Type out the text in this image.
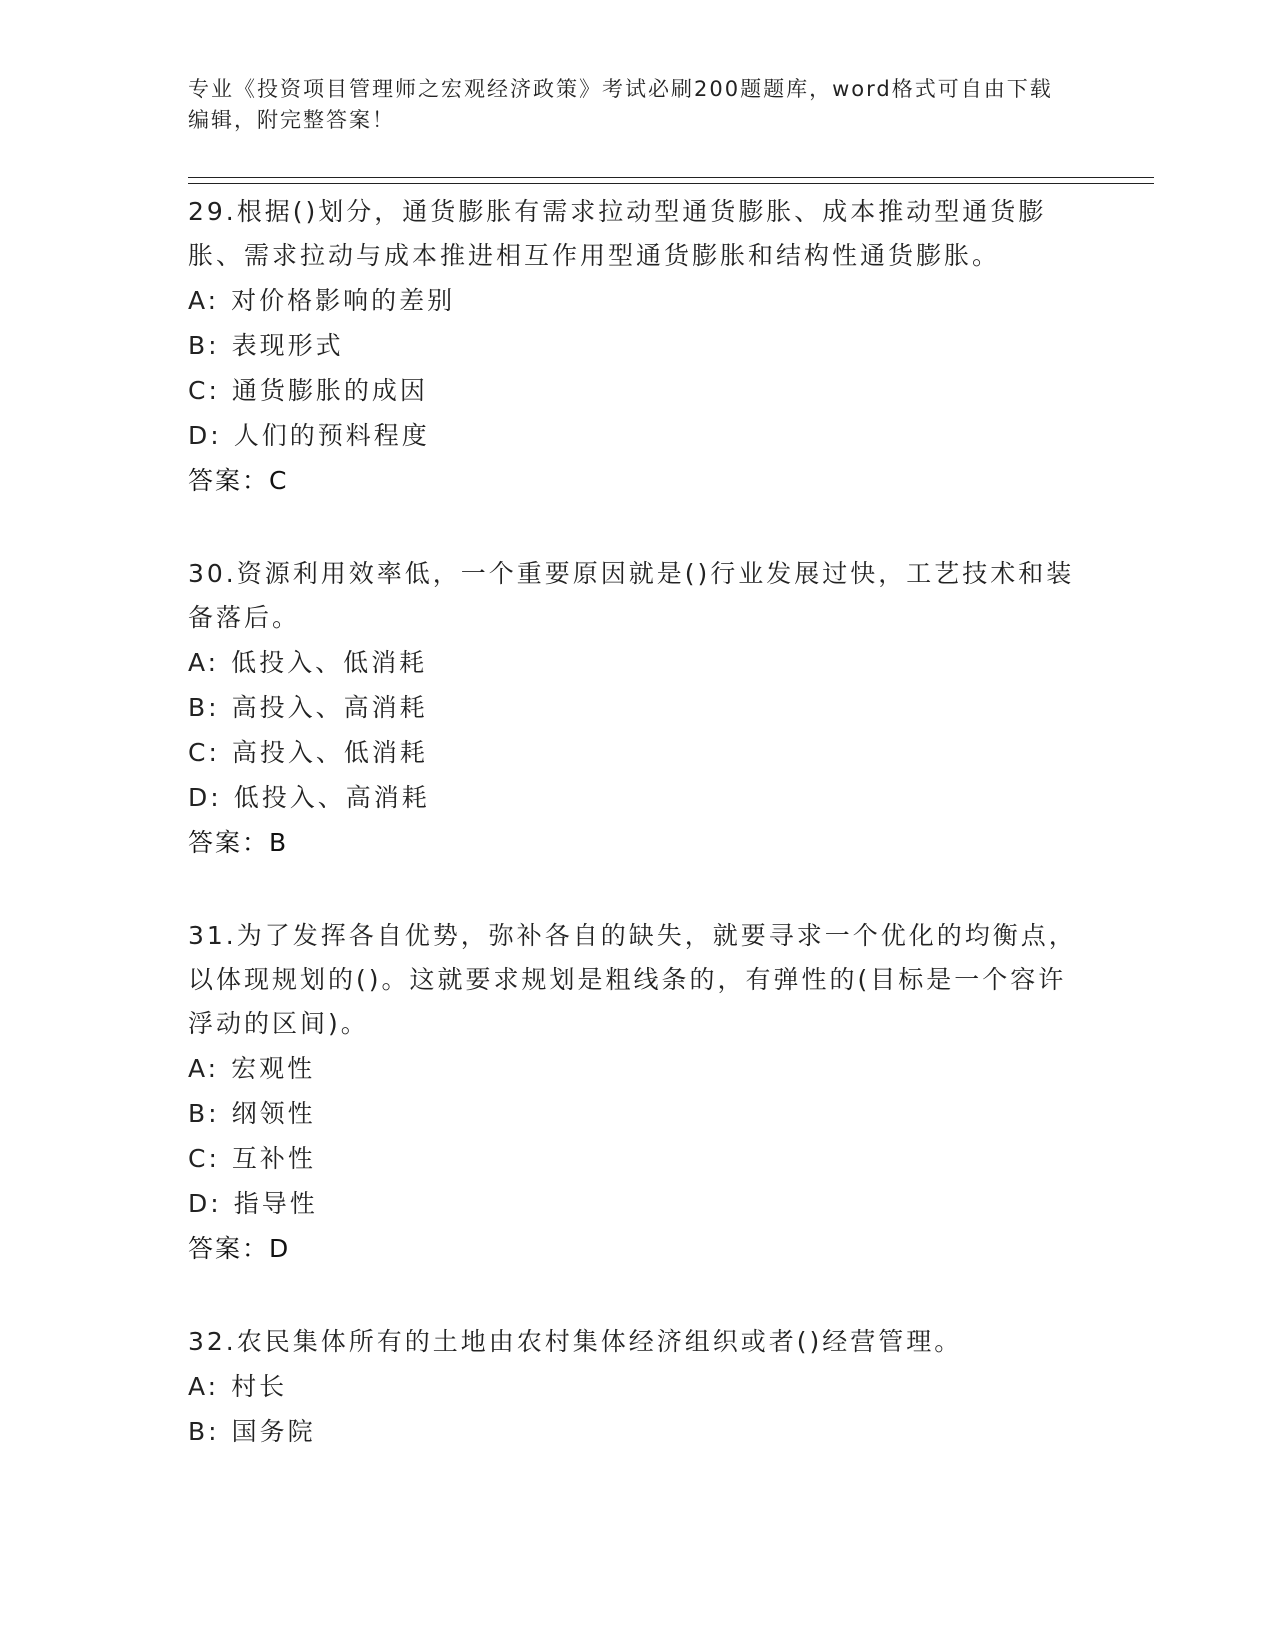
专业《投资项目管理师之宏观经济政策》考试必刷200题题库，word格式可自由下载编辑，附完整答案！

29.根据()划分，通货膨胀有需求拉动型通货膨胀、成本推动型通货膨胀、需求拉动与成本推进相互作用型通货膨胀和结构性通货膨胀。

A: 对价格影响的差别

B: 表现形式

C: 通货膨胀的成因

D: 人们的预料程度

答案：C

30.资源利用效率低，一个重要原因就是()行业发展过快，工艺技术和装备落后。

A: 低投入、低消耗

B: 高投入、高消耗

C: 高投入、低消耗

D: 低投入、高消耗

答案：B

31.为了发挥各自优势，弥补各自的缺失，就要寻求一个优化的均衡点，以体现规划的()。这就要求规划是粗线条的，有弹性的(目标是一个容许浮动的区间)。

A: 宏观性

B: 纲领性

C: 互补性

D: 指导性

答案：D

32.农民集体所有的土地由农村集体经济组织或者()经营管理。

A: 村长

B: 国务院
